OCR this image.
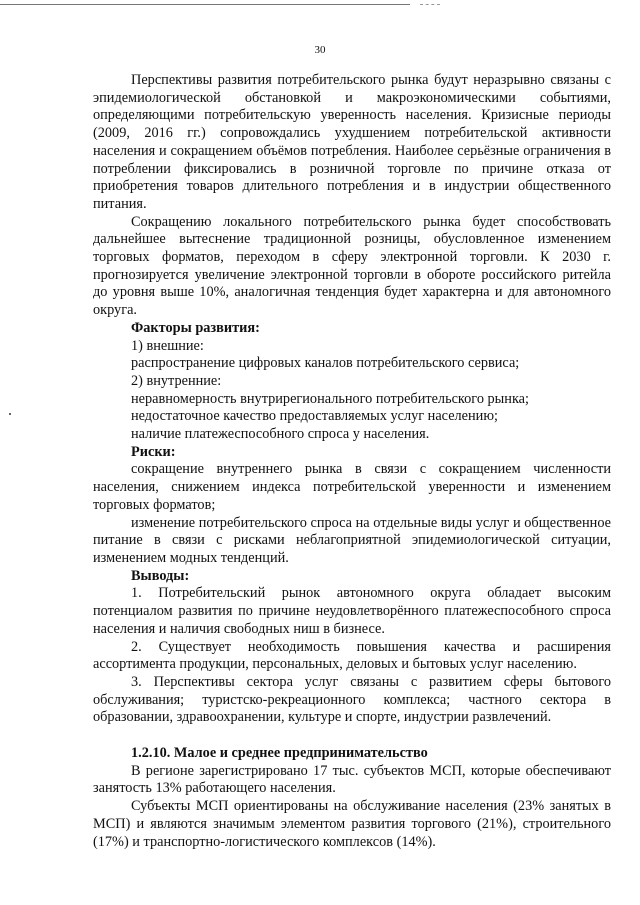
30

Перспективы развития потребительского рынка будут неразрывно связаны с эпидемиологической обстановкой и макроэкономическими событиями, определяющими потребительскую уверенность населения. Кризисные периоды (2009, 2016 гг.) сопровождались ухудшением потребительской активности населения и сокращением объёмов потребления. Наиболее серьёзные ограничения в потреблении фиксировались в розничной торговле по причине отказа от приобретения товаров длительного потребления и в индустрии общественного питания.

Сокращению локального потребительского рынка будет способствовать дальнейшее вытеснение традиционной розницы, обусловленное изменением торговых форматов, переходом в сферу электронной торговли. К 2030 г. прогнозируется увеличение электронной торговли в обороте российского ритейла до уровня выше 10%, аналогичная тенденция будет характерна и для автономного округа.

Факторы развития:

1) внешние:

распространение цифровых каналов потребительского сервиса;

2) внутренние:

неравномерность внутрирегионального потребительского рынка;

недостаточное качество предоставляемых услуг населению;

наличие платежеспособного спроса у населения.

Риски:

сокращение внутреннего рынка в связи с сокращением численности населения, снижением индекса потребительской уверенности и изменением торговых форматов;

изменение потребительского спроса на отдельные виды услуг и общественное питание в связи с рисками неблагоприятной эпидемиологической ситуации, изменением модных тенденций.

Выводы:

1. Потребительский рынок автономного округа обладает высоким потенциалом развития по причине неудовлетворённого платежеспособного спроса населения и наличия свободных ниш в бизнесе.

2. Существует необходимость повышения качества и расширения ассортимента продукции, персональных, деловых и бытовых услуг населению.

3. Перспективы сектора услуг связаны с развитием сферы бытового обслуживания; туристско-рекреационного комплекса; частного сектора в образовании, здравоохранении, культуре и спорте, индустрии развлечений.

1.2.10. Малое и среднее предпринимательство

В регионе зарегистрировано 17 тыс. субъектов МСП, которые обеспечивают занятость 13% работающего населения.

Субъекты МСП ориентированы на обслуживание населения (23% занятых в МСП) и являются значимым элементом развития торгового (21%), строительного (17%) и транспортно-логистического комплексов (14%).
